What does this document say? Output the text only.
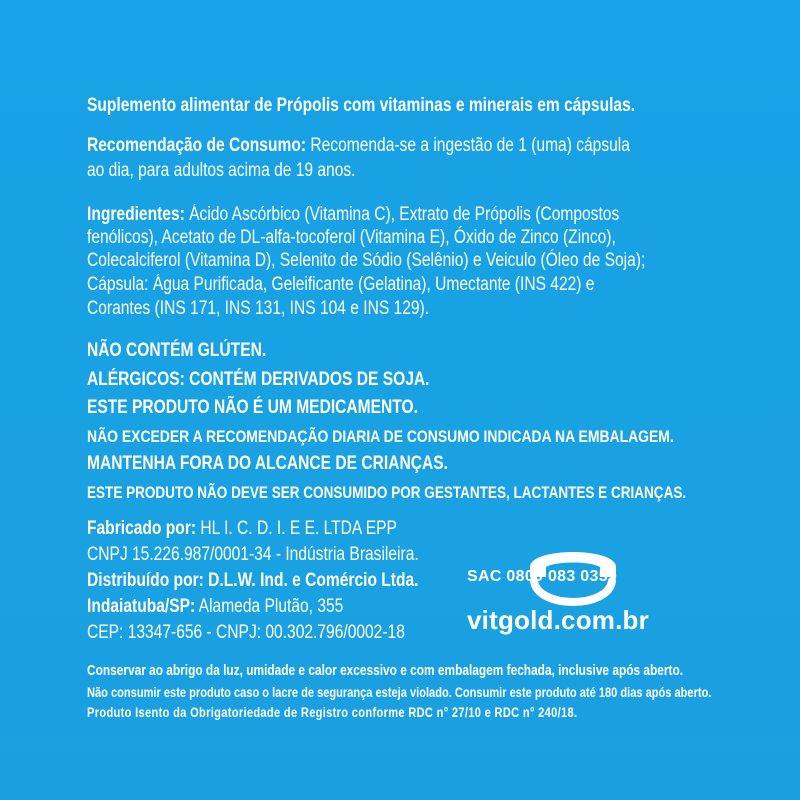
Suplemento alimentar de Própolis com vitaminas e minerais em cápsulas.
Recomendação de Consumo: Recomenda-se a ingestão de 1 (uma) cápsula
ao dia, para adultos acima de 19 anos.
Ingredientes: Ácido Ascórbico (Vitamina C), Extrato de Própolis (Compostos
fenólicos), Acetato de DL-alfa-tocoferol (Vitamina E), Óxido de Zinco (Zinco),
Colecalciferol (Vitamina D), Selenito de Sódio (Selênio) e Veiculo (Óleo de Soja);
Cápsula: Água Purificada, Geleificante (Gelatina), Umectante (INS 422) e
Corantes (INS 171, INS 131, INS 104 e INS 129).
NÃO CONTÉM GLÚTEN.
ALÉRGICOS: CONTÉM DERIVADOS DE SOJA.
ESTE PRODUTO NÃO É UM MEDICAMENTO.
NÃO EXCEDER A RECOMENDAÇÃO DIARIA DE CONSUMO INDICADA NA EMBALAGEM.
MANTENHA FORA DO ALCANCE DE CRIANÇAS.
ESTE PRODUTO NÃO DEVE SER CONSUMIDO POR GESTANTES, LACTANTES E CRIANÇAS.
Fabricado por: HL I. C. D. I. E E. LTDA EPP
CNPJ 15.226.987/0001-34 - Indústria Brasileira.
Distribuído por: D.L.W. Ind. e Comércio Ltda.
Indaiatuba/SP: Alameda Plutão, 355
CEP: 13347-656 - CNPJ: 00.302.796/0002-18
SAC 0800 083 0359
vitgold.com.br
Conservar ao abrigo da luz, umidade e calor excessivo e com embalagem fechada, inclusive após aberto.
Não consumir este produto caso o lacre de segurança esteja violado. Consumir este produto até 180 dias após aberto.
Produto Isento da Obrigatoriedade de Registro conforme RDC n° 27/10 e RDC n° 240/18.
